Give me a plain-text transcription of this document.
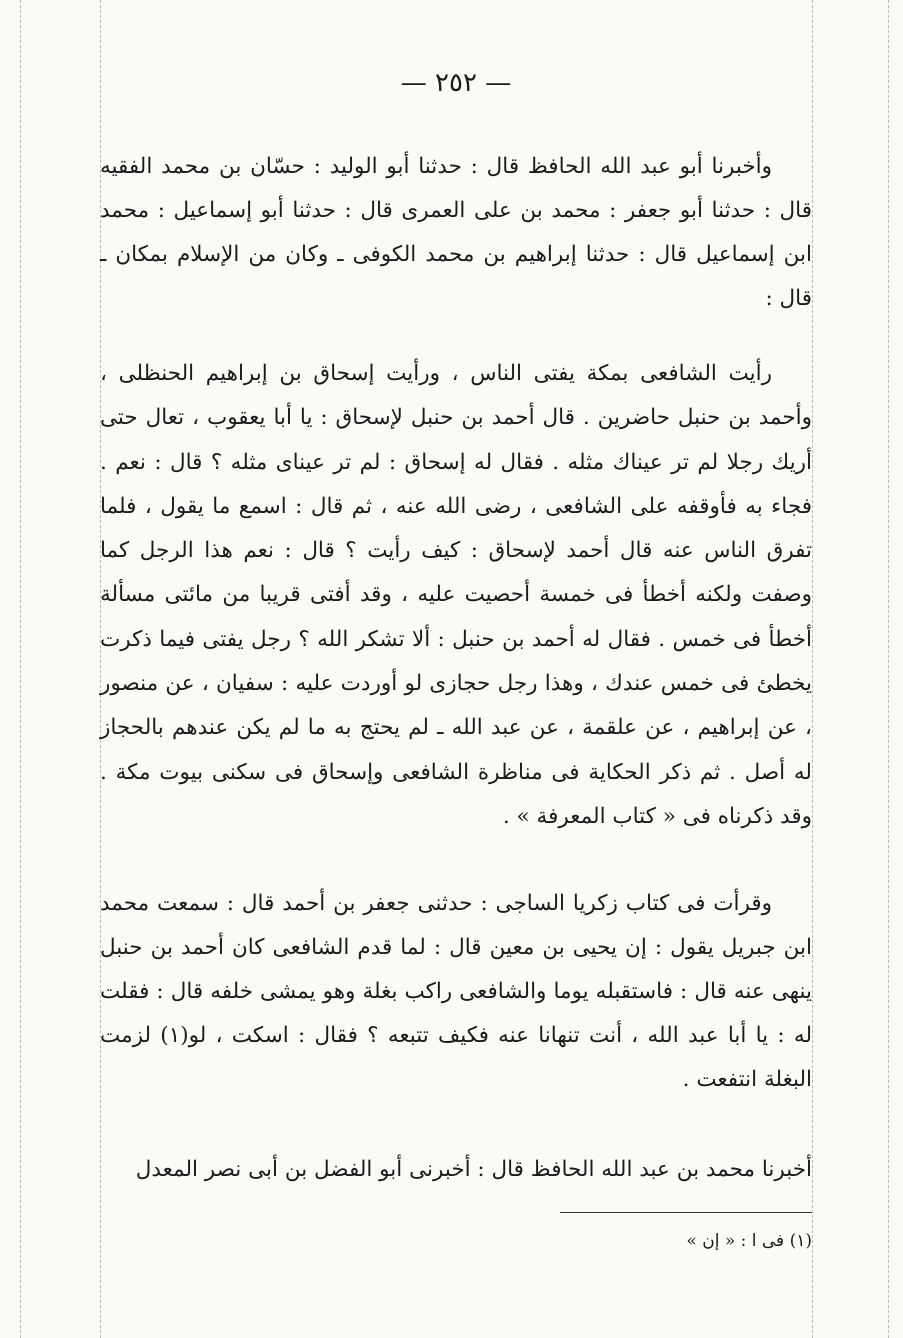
— ٢٥٢ —

وأخبرنا أبو عبد الله الحافظ قال : حدثنا أبو الوليد : حسّان بن محمد الفقيه قال : حدثنا أبو جعفر : محمد بن على العمرى قال : حدثنا أبو إسماعيل : محمد ابن إسماعيل قال : حدثنا إبراهيم بن محمد الكوفى ـ وكان من الإسلام بمكان ـ قال :

رأيت الشافعى بمكة يفتى الناس ، ورأيت إسحاق بن إبراهيم الحنظلى ، وأحمد بن حنبل حاضرين . قال أحمد بن حنبل لإسحاق : يا أبا يعقوب ، تعال حتى أريك رجلا لم تر عيناك مثله . فقال له إسحاق : لم تر عيناى مثله ؟ قال : نعم . فجاء به فأوقفه على الشافعى ، رضى الله عنه ، ثم قال : اسمع ما يقول ، فلما تفرق الناس عنه قال أحمد لإسحاق : كيف رأيت ؟ قال : نعم هذا الرجل كما وصفت ولكنه أخطأ فى خمسة أحصيت عليه ، وقد أفتى قريبا من مائتى مسألة أخطأ فى خمس . فقال له أحمد بن حنبل : ألا تشكر الله ؟ رجل يفتى فيما ذكرت يخطئ فى خمس عندك ، وهذا رجل حجازى لو أوردت عليه : سفيان ، عن منصور ، عن إبراهيم ، عن علقمة ، عن عبد الله ـ لم يحتج به ما لم يكن عندهم بالحجاز له أصل . ثم ذكر الحكاية فى مناظرة الشافعى وإسحاق فى سكنى بيوت مكة . وقد ذكرناه فى « كتاب المعرفة » .

وقرأت فى كتاب زكريا الساجى : حدثنى جعفر بن أحمد قال : سمعت محمد ابن جبريل يقول : إن يحيى بن معين قال : لما قدم الشافعى كان أحمد بن حنبل ينهى عنه قال : فاستقبله يوما والشافعى راكب بغلة وهو يمشى خلفه قال : فقلت له : يا أبا عبد الله ، أنت تنهانا عنه فكيف تتبعه ؟ فقال : اسكت ، لو(١) لزمت البغلة انتفعت .

أخبرنا محمد بن عبد الله الحافظ قال : أخبرنى أبو الفضل بن أبى نصر المعدل

(١) فى ا : « إن »
